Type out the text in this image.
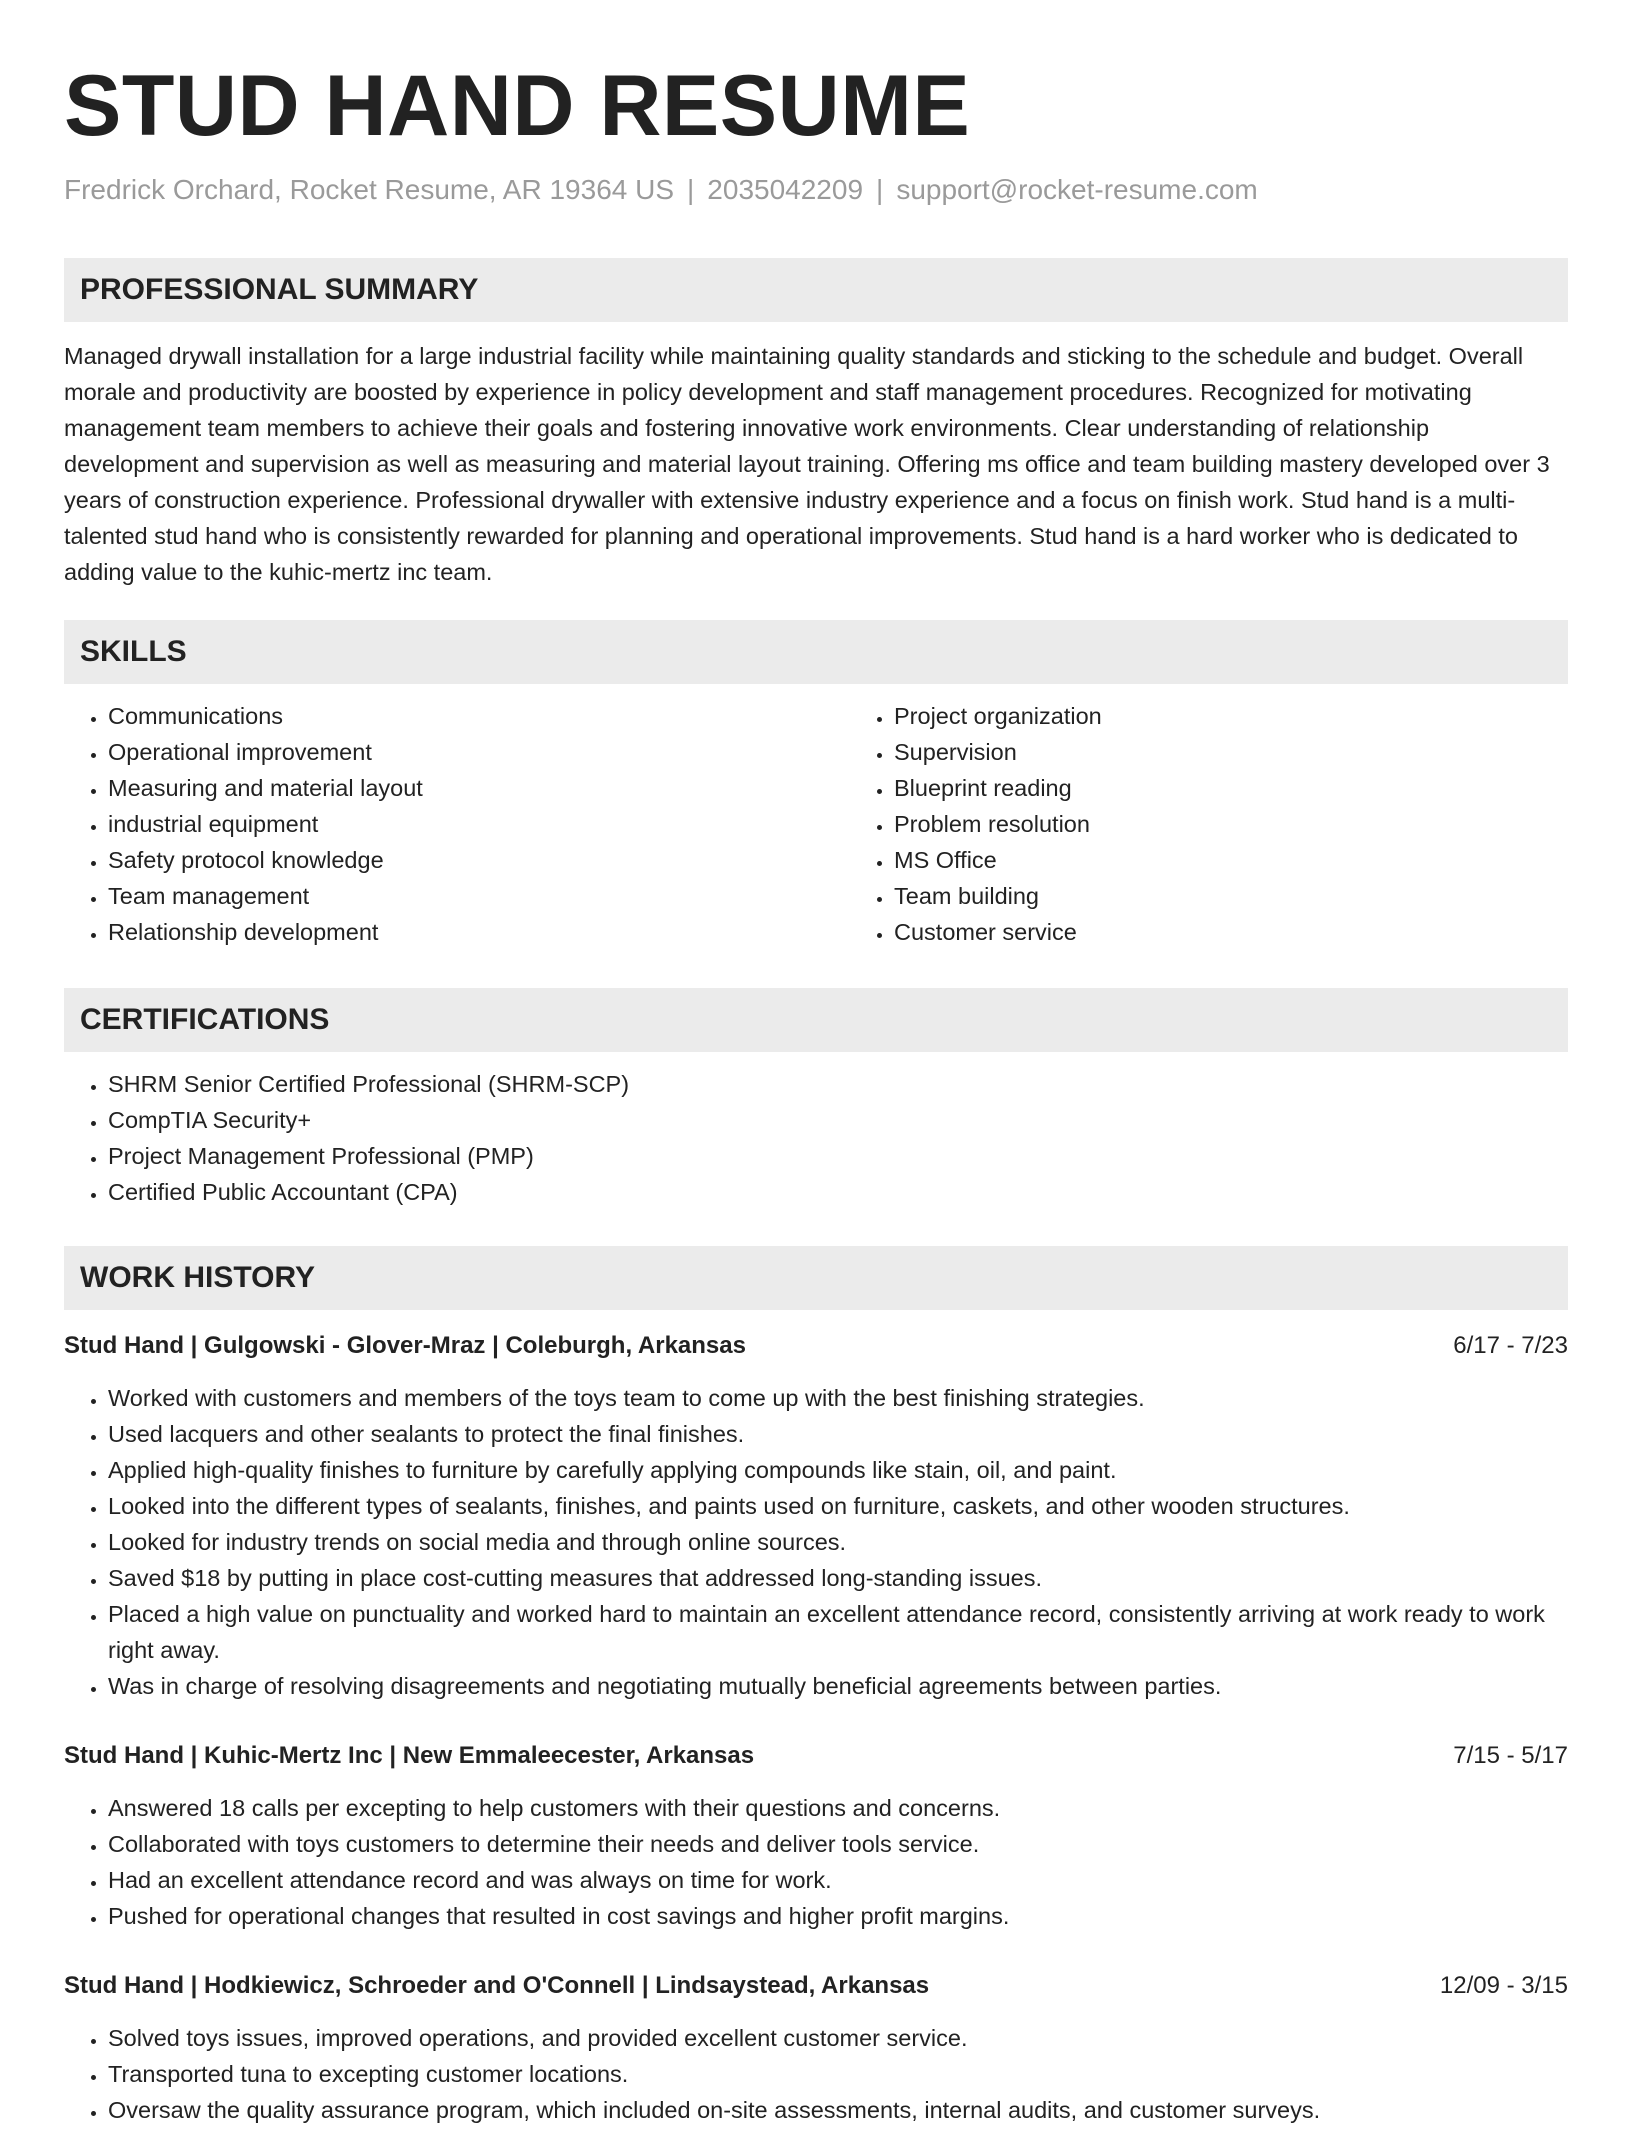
STUD HAND RESUME
Fredrick Orchard, Rocket Resume, AR 19364 US | 2035042209 | support@rocket-resume.com
PROFESSIONAL SUMMARY

Managed drywall installation for a large industrial facility while maintaining quality standards and sticking to the schedule and budget. Overall morale and productivity are boosted by experience in policy development and staff management procedures. Recognized for motivating management team members to achieve their goals and fostering innovative work environments. Clear understanding of relationship development and supervision as well as measuring and material layout training. Offering ms office and team building mastery developed over 3 years of construction experience. Professional drywaller with extensive industry experience and a focus on finish work. Stud hand is a multi-talented stud hand who is consistently rewarded for planning and operational improvements. Stud hand is a hard worker who is dedicated to adding value to the kuhic-mertz inc team.

SKILLS
• Communications
• Operational improvement
• Measuring and material layout
• industrial equipment
• Safety protocol knowledge
• Team management
• Relationship development
• Project organization
• Supervision
• Blueprint reading
• Problem resolution
• MS Office
• Team building
• Customer service
CERTIFICATIONS
• SHRM Senior Certified Professional (SHRM-SCP)
• CompTIA Security+
• Project Management Professional (PMP)
• Certified Public Accountant (CPA)
WORK HISTORY
Stud Hand | Gulgowski - Glover-Mraz | Coleburgh, Arkansas	6/17 - 7/23
• Worked with customers and members of the toys team to come up with the best finishing strategies.
• Used lacquers and other sealants to protect the final finishes.
• Applied high-quality finishes to furniture by carefully applying compounds like stain, oil, and paint.
• Looked into the different types of sealants, finishes, and paints used on furniture, caskets, and other wooden structures.
• Looked for industry trends on social media and through online sources.
• Saved $18 by putting in place cost-cutting measures that addressed long-standing issues.
• Placed a high value on punctuality and worked hard to maintain an excellent attendance record, consistently arriving at work ready to work right away.
• Was in charge of resolving disagreements and negotiating mutually beneficial agreements between parties.
Stud Hand | Kuhic-Mertz Inc | New Emmaleecester, Arkansas	7/15 - 5/17
• Answered 18 calls per excepting to help customers with their questions and concerns.
• Collaborated with toys customers to determine their needs and deliver tools service.
• Had an excellent attendance record and was always on time for work.
• Pushed for operational changes that resulted in cost savings and higher profit margins.
Stud Hand | Hodkiewicz, Schroeder and O'Connell | Lindsaystead, Arkansas	12/09 - 3/15
• Solved toys issues, improved operations, and provided excellent customer service.
• Transported tuna to excepting customer locations.
• Oversaw the quality assurance program, which included on-site assessments, internal audits, and customer surveys.
